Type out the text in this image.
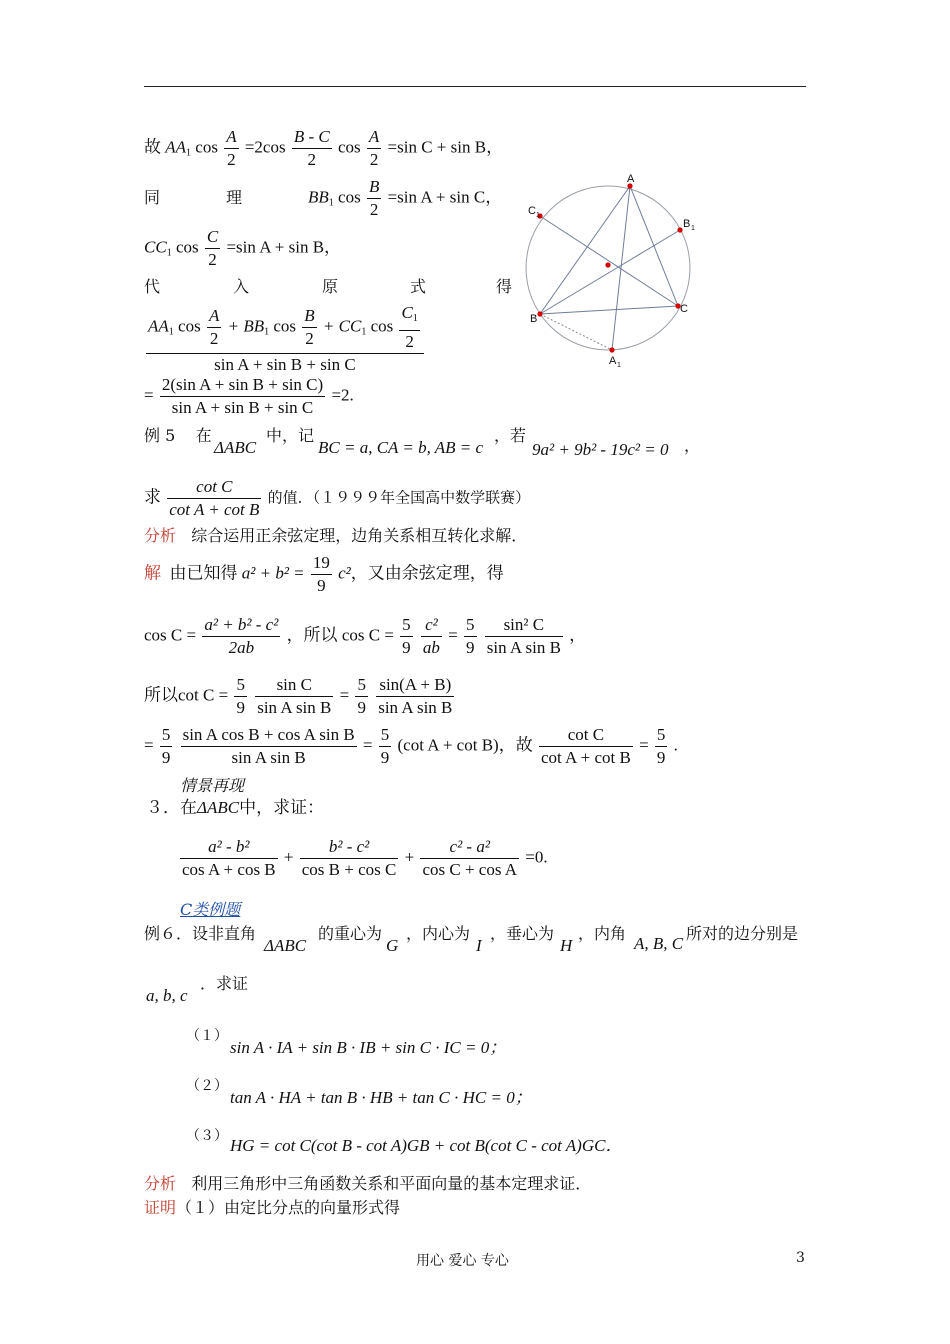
故 $AA_1$ $\cos \frac{A}{2} =2\cos \frac{B - C}{2}$ $\cos \frac{A}{2} =\sin$ C + sin B，
同	理	$BB_1$ $\cos \frac{B}{2} =\sin$ A + sin C，
$CC_1$ $\cos \frac{C}{2} =\sin$ A + sin B，
代	入	原	式	得
$AA_1$ $\cos \frac{A}{2} + BB_1$ $\cos \frac{B}{2} + CC_1$ $\cos \frac{C_1}{2}$
sin A + sin B + sin C
= $\frac{\text{2(sin A + sin B + sin C)}}{\text{sin A + sin B + sin C}} =2$.
A
B
C
A 1
B 1
C 1
例 5 在
ΔABC
中，记
BC = a, CA = b, AB = c
，若
9a² + 9b² - 19c² = 0 ，
求 $\frac{\text{cot C}}{\text{cot A + cot B}}$ 的值．（１９９９年全国高中数学联赛）
分析 综合运用正余弦定理，边角关系相互转化求解．
解 由已知得 $a^2 + b^2 = \frac{19}{9} c^2$，又由余弦定理，得
$\cos C = \frac{\text{a² + b² - c²}}{2ab}$ ，所以 $\cos C = \frac{5}{9}$
$\frac{\text{c²}}{ab} = \frac{5}{9}$
$\frac{\text{sin² C}}{\text{sin A sin B}}$ ，
所以$\cot C = \frac{5}{9}$
$\frac{\text{sin C}}{\text{sin A sin B}} = \frac{5}{9}$
$\frac{\sin(A + B)}{\text{sin A sin B}}$
= $\frac{5}{9}$
$\frac{\text{sin A cos B + cos A sin B}}{\text{sin A sin B}} = \frac{5}{9} (\cot$ A + cot B)，故 $\frac{\text{cot C}}{\text{cot A + cot B}} = \frac{5}{9}$ .
情景再现
３．在ΔABC中，求证：
$\frac{\text{a² - b²}}{\text{cos A + cos B}} + \frac{\text{b² - c²}}{\text{cos B + cos C}} + \frac{\text{c² - a²}}{\text{cos C + cos A}} =0$.
C类例题
例６．设非直角
ΔABC
的重心为
G
，内心为
I
，垂心为
H
，内角
A, B, C
所对的边分别是
a, b, c
．求证
（１）
sin A · IA + sin B · IB + sin C · IC = 0；
（２）
tan A · HA + tan B · HB + tan C · HC = 0；
（３） HG = cot C(cot B - cot A)GB + cot B(cot C - cot A)GC．
分析 利用三角形中三角函数关系和平面向量的基本定理求证．
证明（１）由定比分点的向量形式得
用心 爱心 专心	3
